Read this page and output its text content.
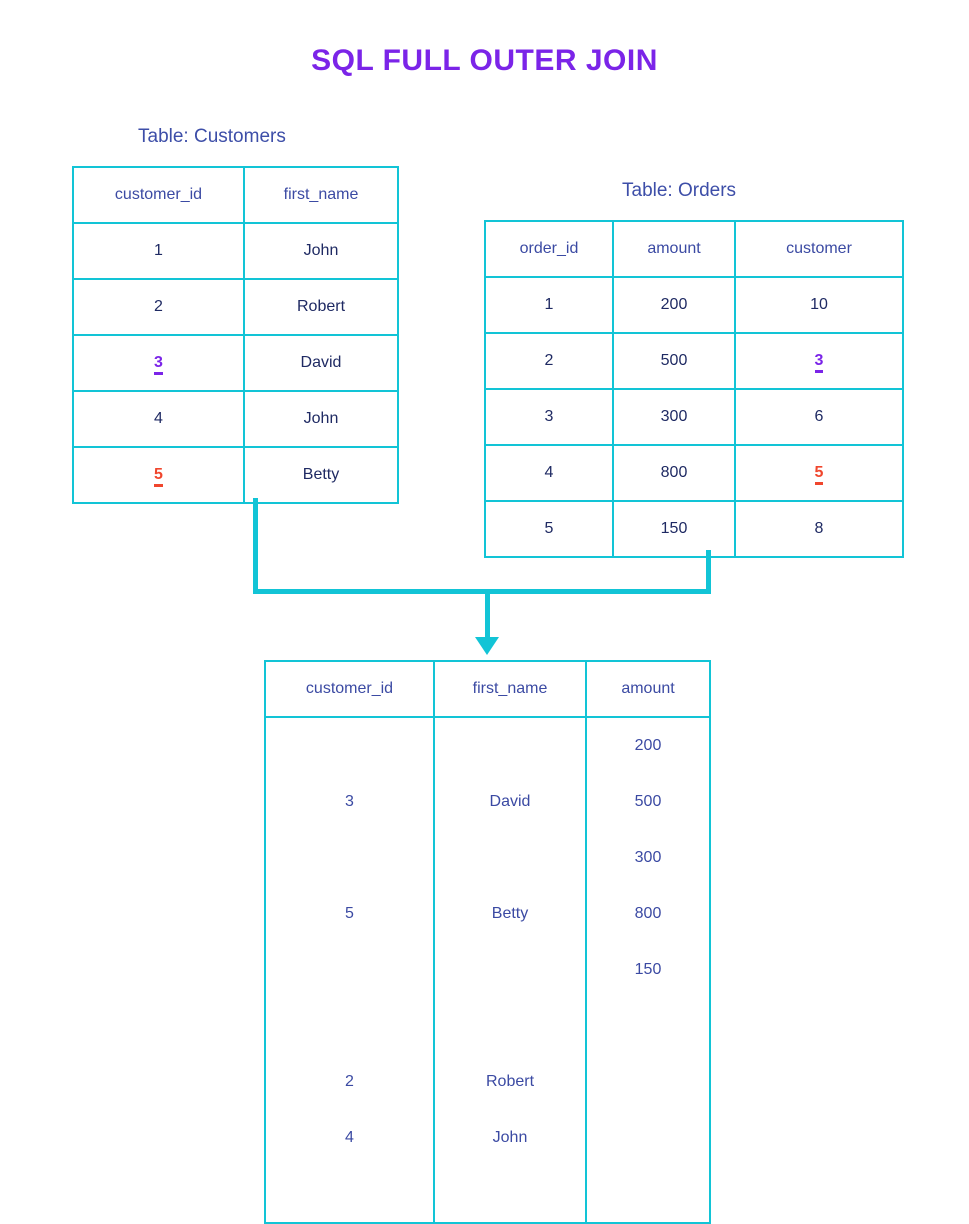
SQL FULL OUTER JOIN
Table: Customers
customer_id	first_name
1	John
2	Robert
3	David
4	John
5	Betty
Table: Orders
order_id	amount	customer
1	200	10
2	500	3
3	300	6
4	800	5
5	150	8
customer_id	first_name	amount
		200
3	David	500
		300
5	Betty	800
		150

2	Robert	
4	John	
